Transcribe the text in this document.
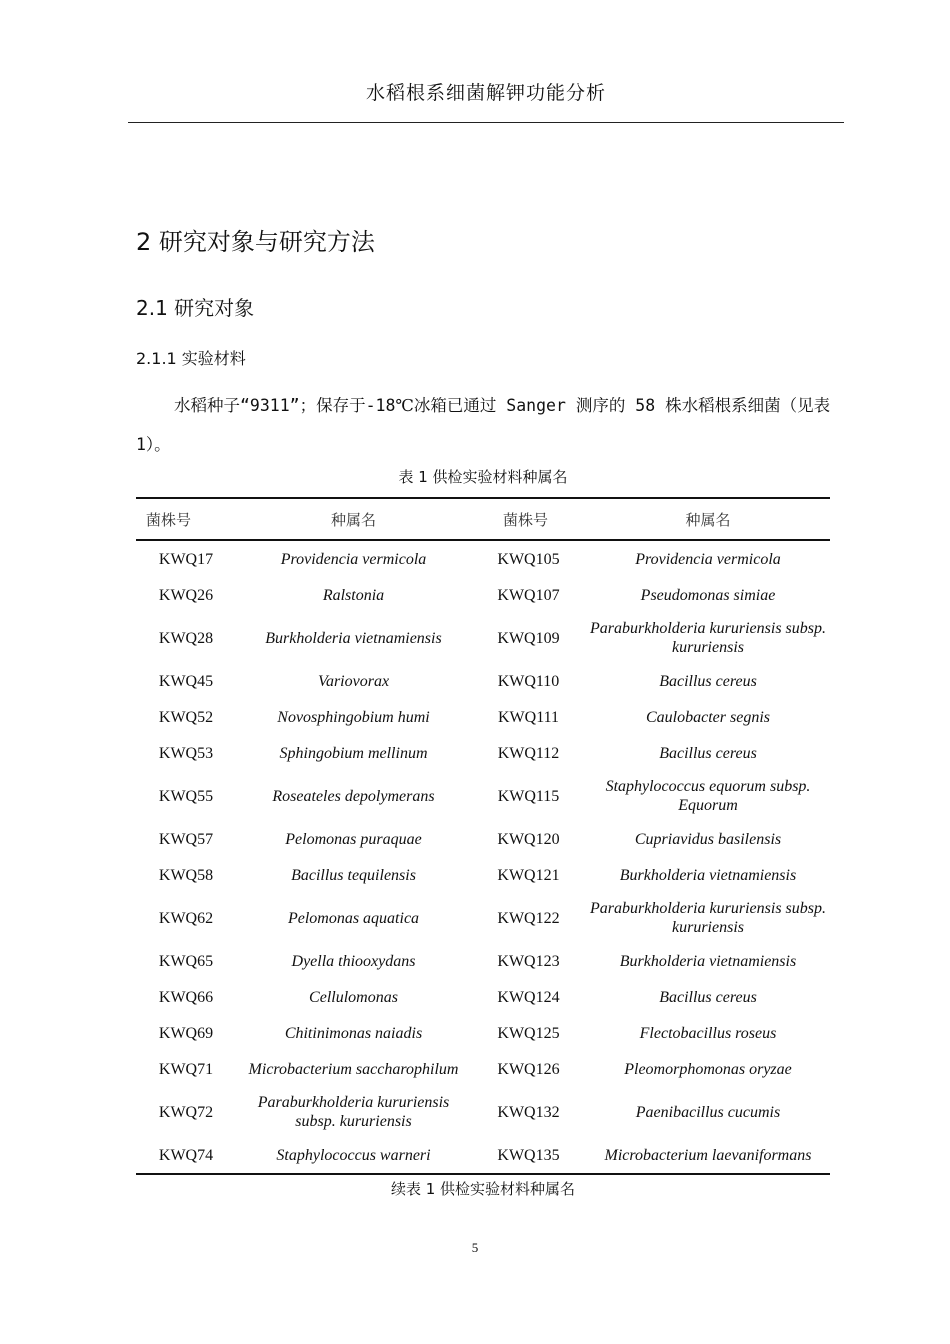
水稻根系细菌解钾功能分析
2 研究对象与研究方法
2.1 研究对象
2.1.1 实验材料
水稻种子“9311”；保存于-18℃冰箱已通过 Sanger 测序的 58 株水稻根系细菌（见表 1）。
表 1 供检实验材料种属名
菌株号	种属名	菌株号	种属名
KWQ17	Providencia vermicola	KWQ105	Providencia vermicola
KWQ26	Ralstonia	KWQ107	Pseudomonas simiae
KWQ28	Burkholderia vietnamiensis	KWQ109	Paraburkholderia kururiensis subsp. kururiensis
KWQ45	Variovorax	KWQ110	Bacillus cereus
KWQ52	Novosphingobium humi	KWQ111	Caulobacter segnis
KWQ53	Sphingobium mellinum	KWQ112	Bacillus cereus
KWQ55	Roseateles depolymerans	KWQ115	Staphylococcus equorum subsp. Equorum
KWQ57	Pelomonas puraquae	KWQ120	Cupriavidus basilensis
KWQ58	Bacillus tequilensis	KWQ121	Burkholderia vietnamiensis
KWQ62	Pelomonas aquatica	KWQ122	Paraburkholderia kururiensis subsp. kururiensis
KWQ65	Dyella thiooxydans	KWQ123	Burkholderia vietnamiensis
KWQ66	Cellulomonas	KWQ124	Bacillus cereus
KWQ69	Chitinimonas naiadis	KWQ125	Flectobacillus roseus
KWQ71	Microbacterium saccharophilum	KWQ126	Pleomorphomonas oryzae
KWQ72	Paraburkholderia kururiensis subsp. kururiensis	KWQ132	Paenibacillus cucumis
KWQ74	Staphylococcus warneri	KWQ135	Microbacterium laevaniformans
续表 1 供检实验材料种属名
5
